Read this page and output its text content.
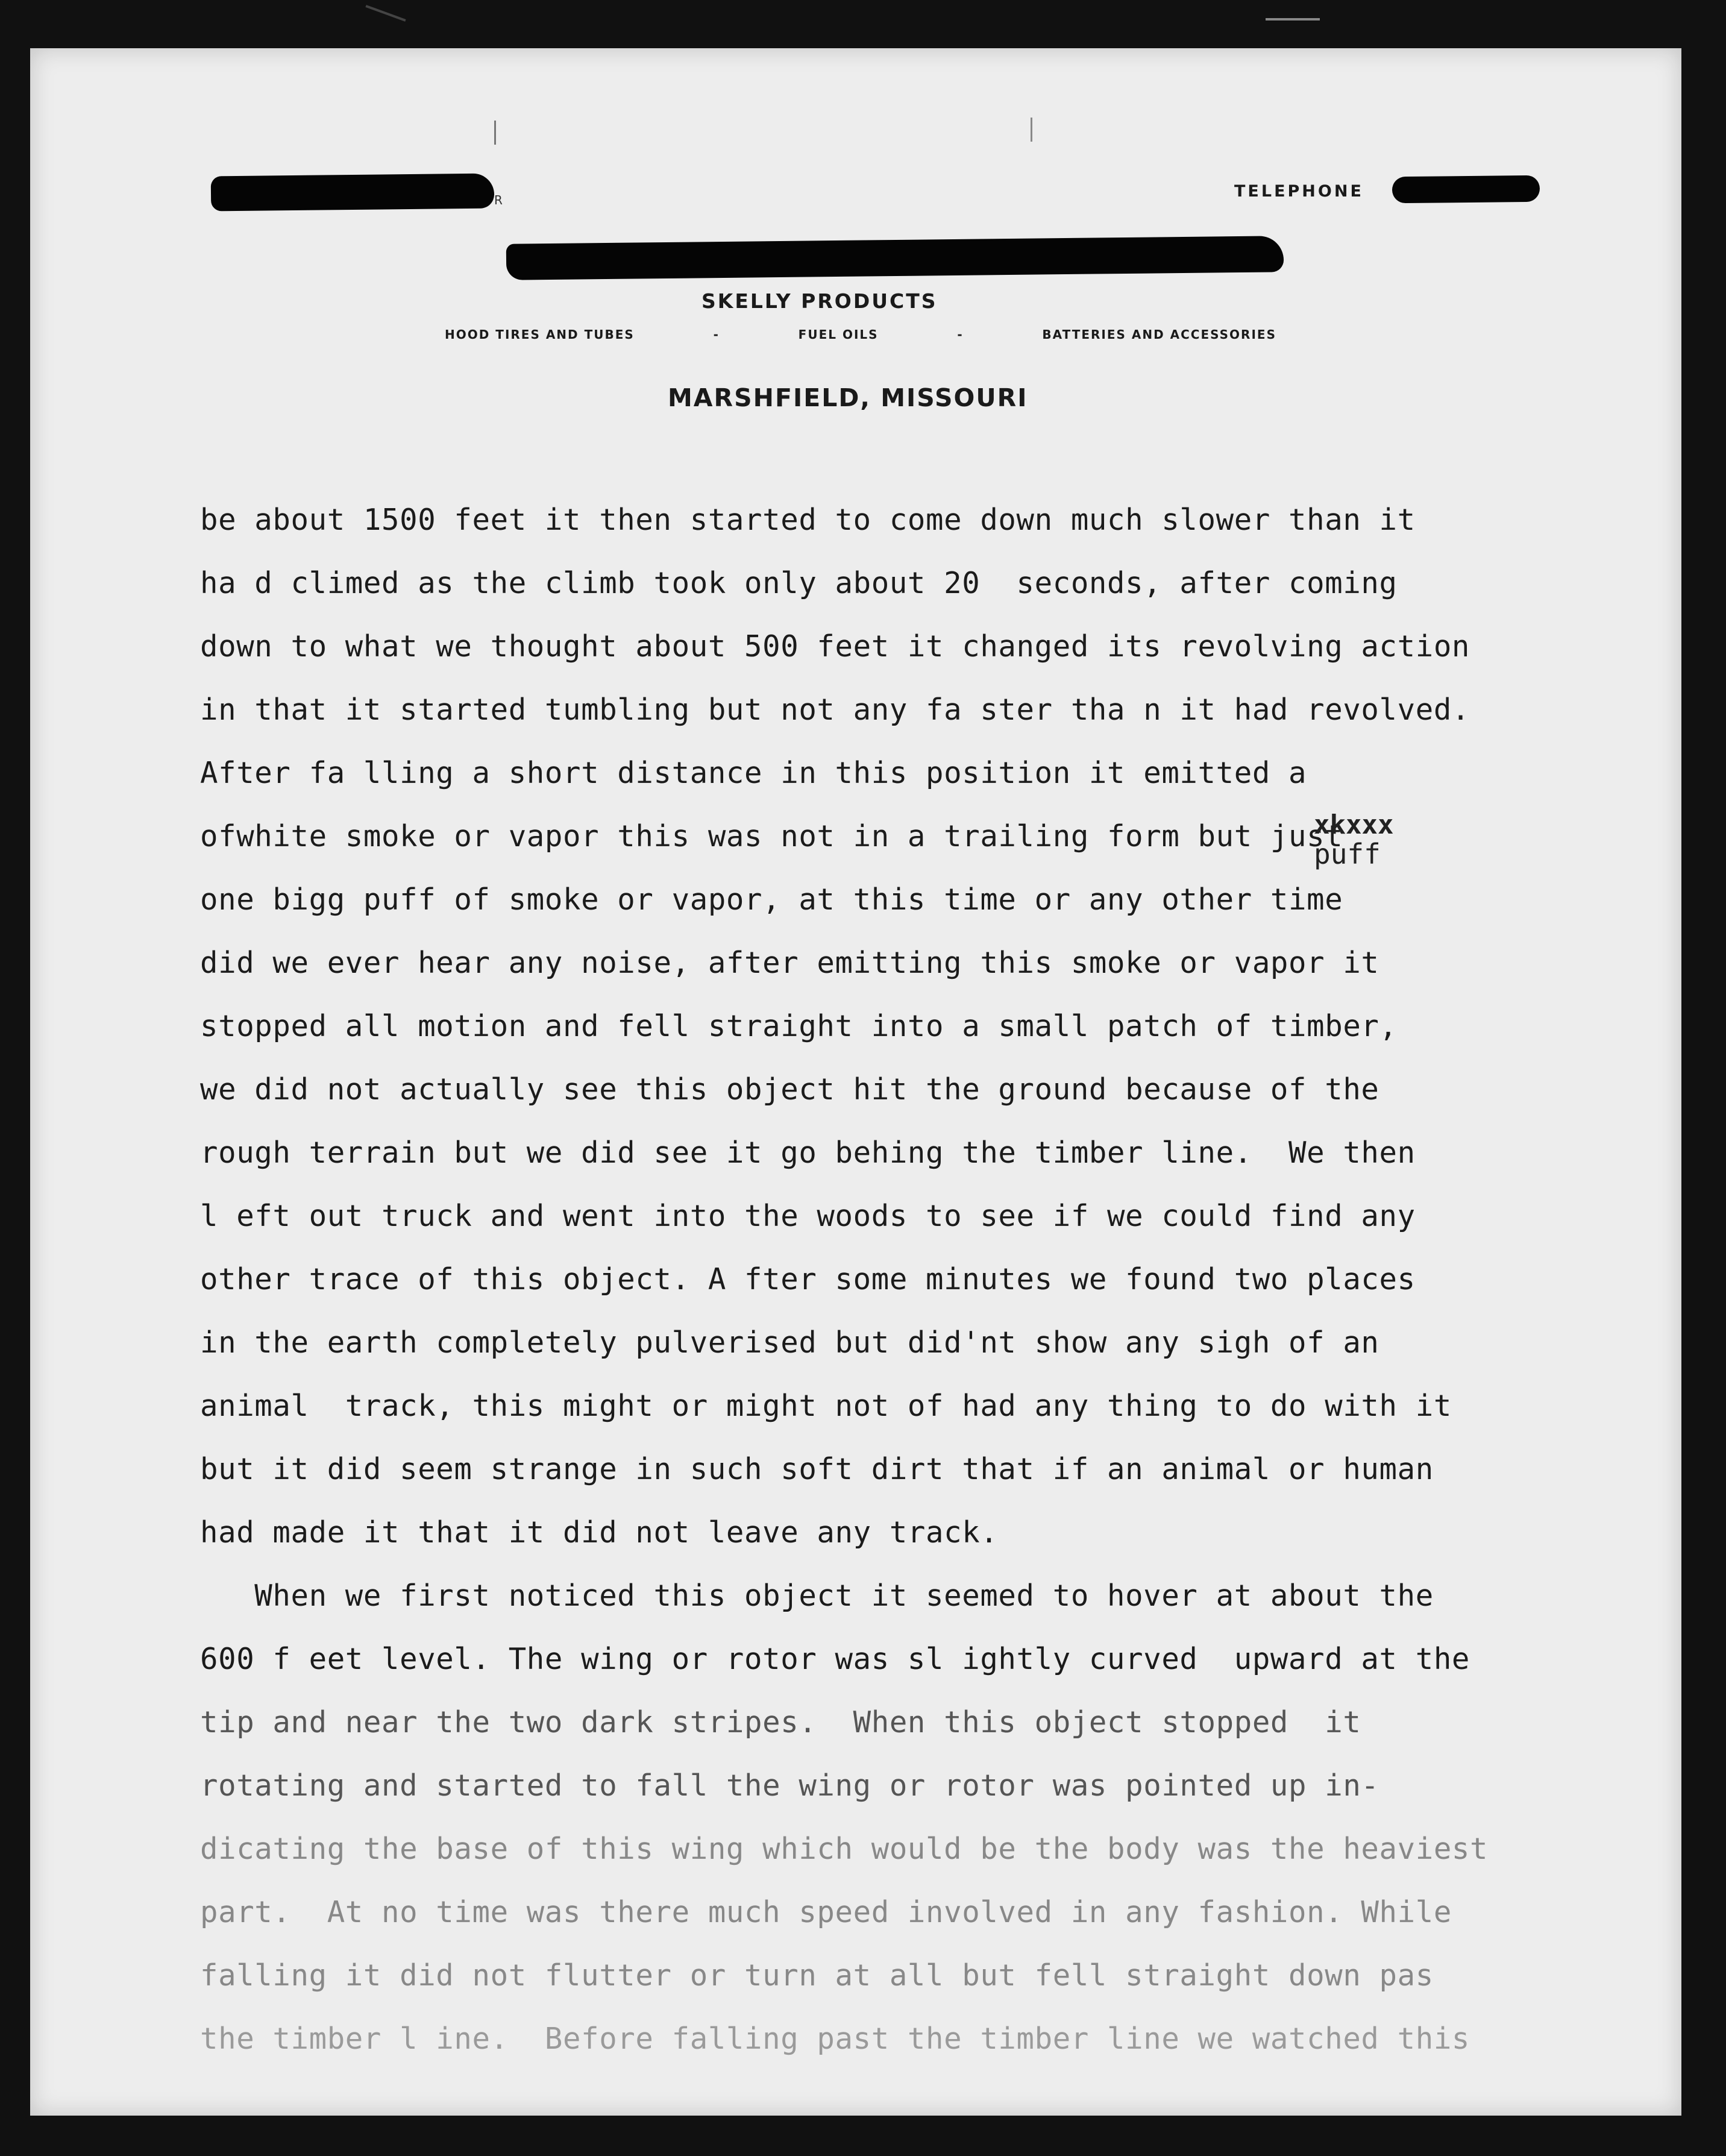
R	TELEPHONE

SKELLY PRODUCTS

HOOD TIRES AND TUBES	-	FUEL OILS	-	BATTERIES AND ACCESSORIES

MARSHFIELD, MISSOURI

be about 1500 feet it then started to come down much slower than it

ha d climed as the climb took only about 20  seconds, after coming

down to what we thought about 500 feet it changed its revolving action

in that it started tumbling but not any fa ster tha n it had revolved.

After fa lling a short distance in this position it emitted a

ofwhite smoke or vapor this was not in a trailing form but just

one bigg puff of smoke or vapor, at this time or any other time

did we ever hear any noise, after emitting this smoke or vapor it

stopped all motion and fell straight into a small patch of timber,

we did not actually see this object hit the ground because of the

rough terrain but we did see it go behing the timber line.  We then

l eft out truck and went into the woods to see if we could find any

other trace of this object. A fter some minutes we found two places

in the earth completely pulverised but did'nt show any sigh of an

animal  track, this might or might not of had any thing to do with it

but it did seem strange in such soft dirt that if an animal or human

had made it that it did not leave any track.

When we first noticed this object it seemed to hover at about the

600 f eet level. The wing or rotor was sl ightly curved  upward at the

tip and near the two dark stripes.  When this object stopped  it

rotating and started to fall the wing or rotor was pointed up in-

dicating the base of this wing which would be the body was the heaviest

part.  At no time was there much speed involved in any fashion. While

falling it did not flutter or turn at all but fell straight down pas

the timber l ine.  Before falling past the timber line we watched this

xkxxx

puff
